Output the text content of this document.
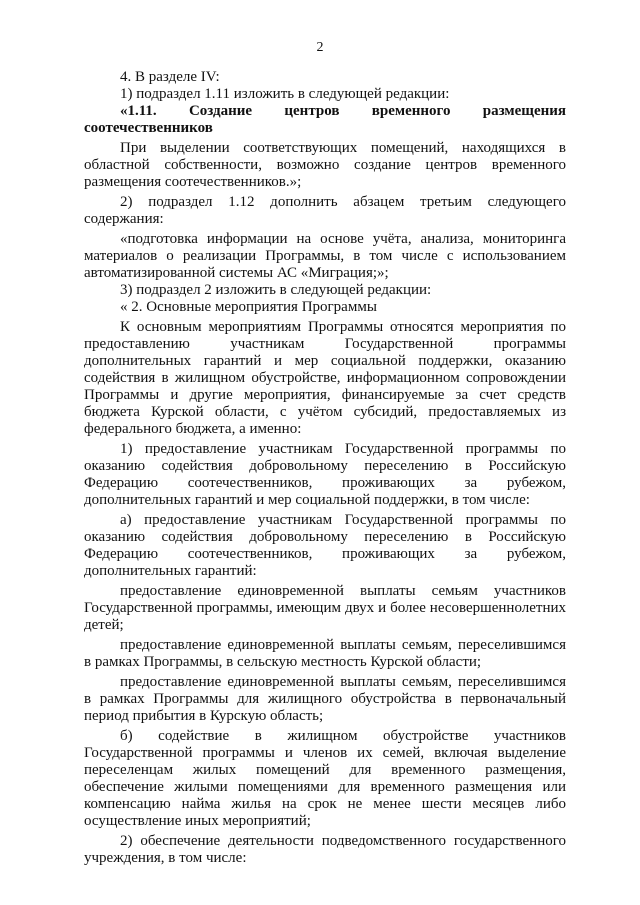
2

4. В разделе IV:

1) подраздел 1.11 изложить в следующей редакции:

«1.11. Создание центров временного размещения

соотечественников

При выделении соответствующих помещений, находящихся в областной собственности, возможно создание центров временного размещения соотечественников.»;

2) подраздел 1.12 дополнить абзацем третьим следующего содержания:

«подготовка информации на основе учёта, анализа, мониторинга материалов о реализации Программы, в том числе с использованием автоматизированной системы АС «Миграция;»;

3) подраздел 2 изложить в следующей редакции:

« 2. Основные мероприятия Программы

К основным мероприятиям Программы относятся мероприятия по предоставлению участникам Государственной программы дополнительных гарантий и мер социальной поддержки, оказанию содействия в жилищном обустройстве, информационном сопровождении Программы и другие мероприятия, финансируемые за счет средств бюджета Курской области, с учётом субсидий, предоставляемых из федерального бюджета, а именно:

1) предоставление участникам Государственной программы по оказанию содействия добровольному переселению в Российскую Федерацию соотечественников, проживающих за рубежом, дополнительных гарантий и мер социальной поддержки, в том числе:

а) предоставление участникам Государственной программы по оказанию содействия добровольному переселению в Российскую Федерацию соотечественников, проживающих за рубежом, дополнительных гарантий:

предоставление единовременной выплаты семьям участников Государственной программы, имеющим двух и более несовершеннолетних детей;

предоставление единовременной выплаты семьям, переселившимся в рамках Программы, в сельскую местность Курской области;

предоставление единовременной выплаты семьям, переселившимся в рамках Программы для жилищного обустройства в первоначальный период прибытия в Курскую область;

б) содействие в жилищном обустройстве участников Государственной программы и членов их семей, включая выделение переселенцам жилых помещений для временного размещения, обеспечение жилыми помещениями для временного размещения или компенсацию найма жилья на срок не менее шести месяцев либо осуществление иных мероприятий;

2) обеспечение деятельности подведомственного государственного учреждения, в том числе:
